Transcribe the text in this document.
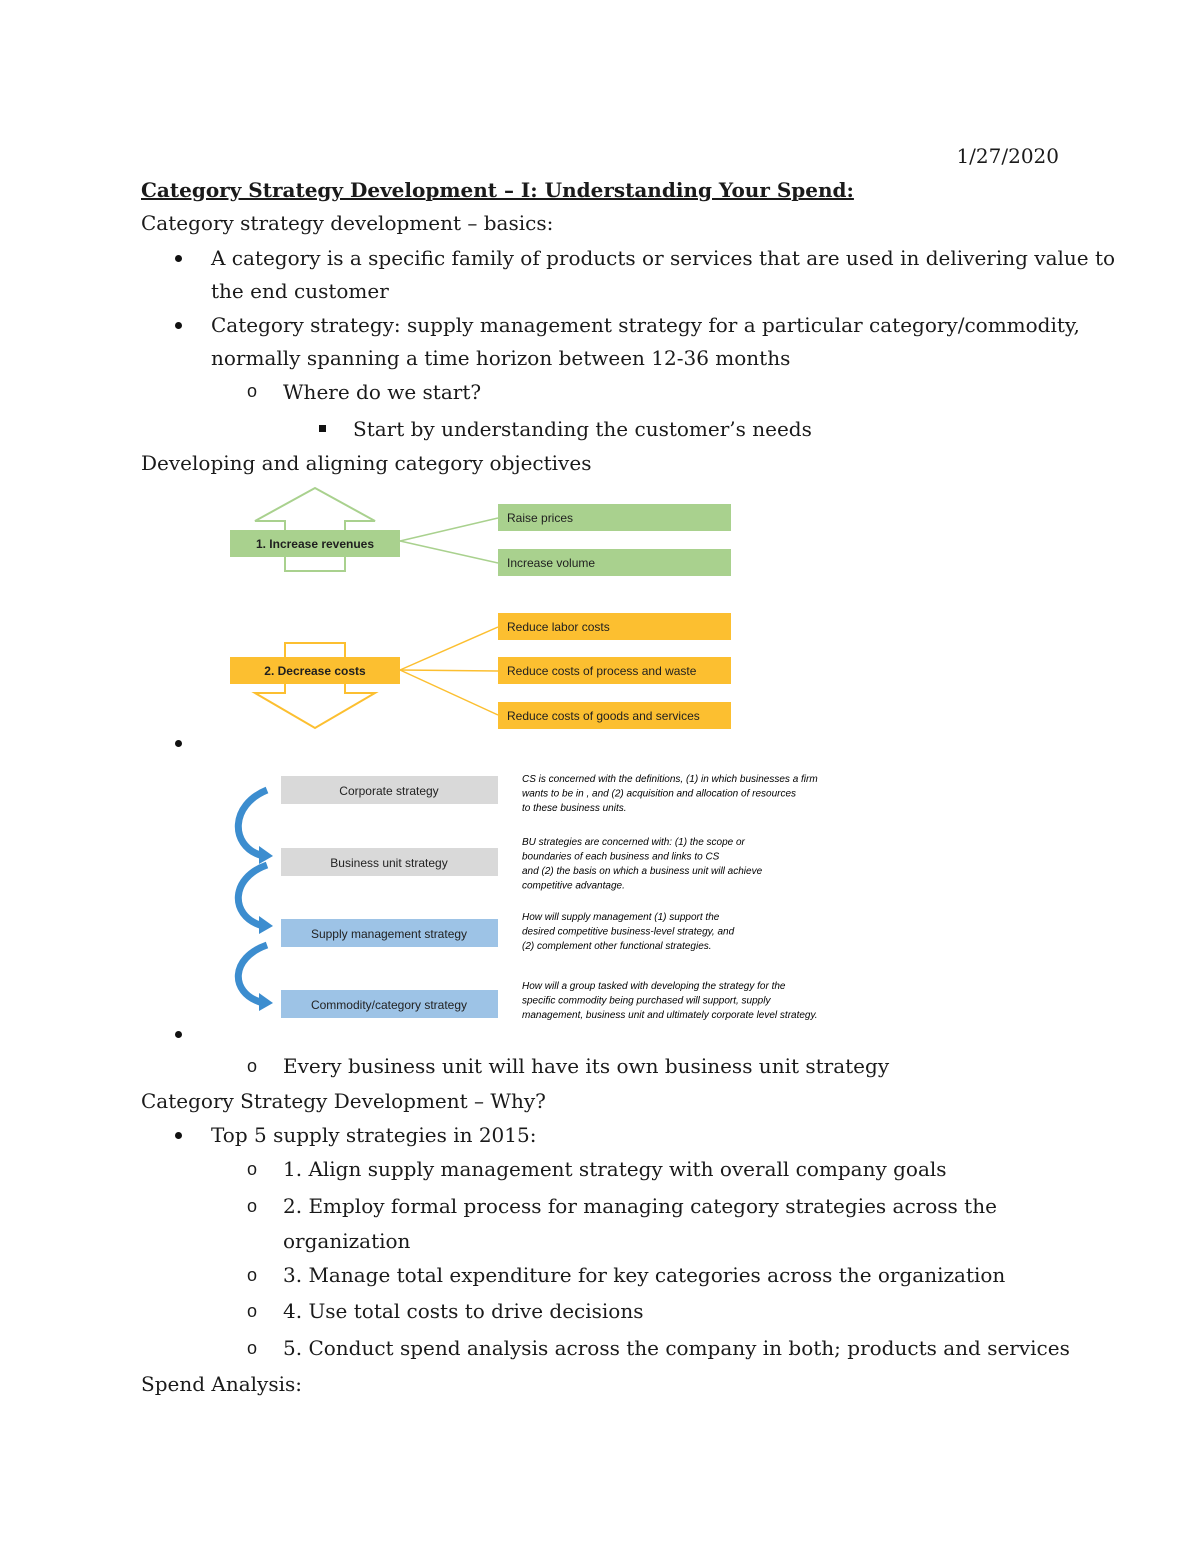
1/27/2020
Category Strategy Development – I: Understanding Your Spend:
Category strategy development – basics:
A category is a specific family of products or services that are used in delivering value to
the end customer
Category strategy: supply management strategy for a particular category/commodity,
normally spanning a time horizon between 12-36 months
o Where do we start?
Start by understanding the customer’s needs
Developing and aligning category objectives
1. Increase revenues
Raise prices
Increase volume
2. Decrease costs
Reduce labor costs
Reduce costs of process and waste
Reduce costs of goods and services
Corporate strategy
Business unit strategy
Supply management strategy
Commodity/category strategy
CS is concerned with the definitions, (1) in which businesses a firm wants to be in , and (2) acquisition and allocation of resources to these business units.
BU strategies are concerned with: (1) the scope or boundaries of each business and links to CS and (2) the basis on which a business unit will achieve competitive advantage.
How will supply management (1) support the desired competitive business-level strategy, and (2) complement other functional strategies.
How will a group tasked with developing the strategy for the specific commodity being purchased will support, supply management, business unit and ultimately corporate level strategy.
o Every business unit will have its own business unit strategy
Category Strategy Development – Why?
Top 5 supply strategies in 2015:
o 1. Align supply management strategy with overall company goals
o 2. Employ formal process for managing category strategies across the
organization
o 3. Manage total expenditure for key categories across the organization
o 4. Use total costs to drive decisions
o 5. Conduct spend analysis across the company in both; products and services
Spend Analysis:
